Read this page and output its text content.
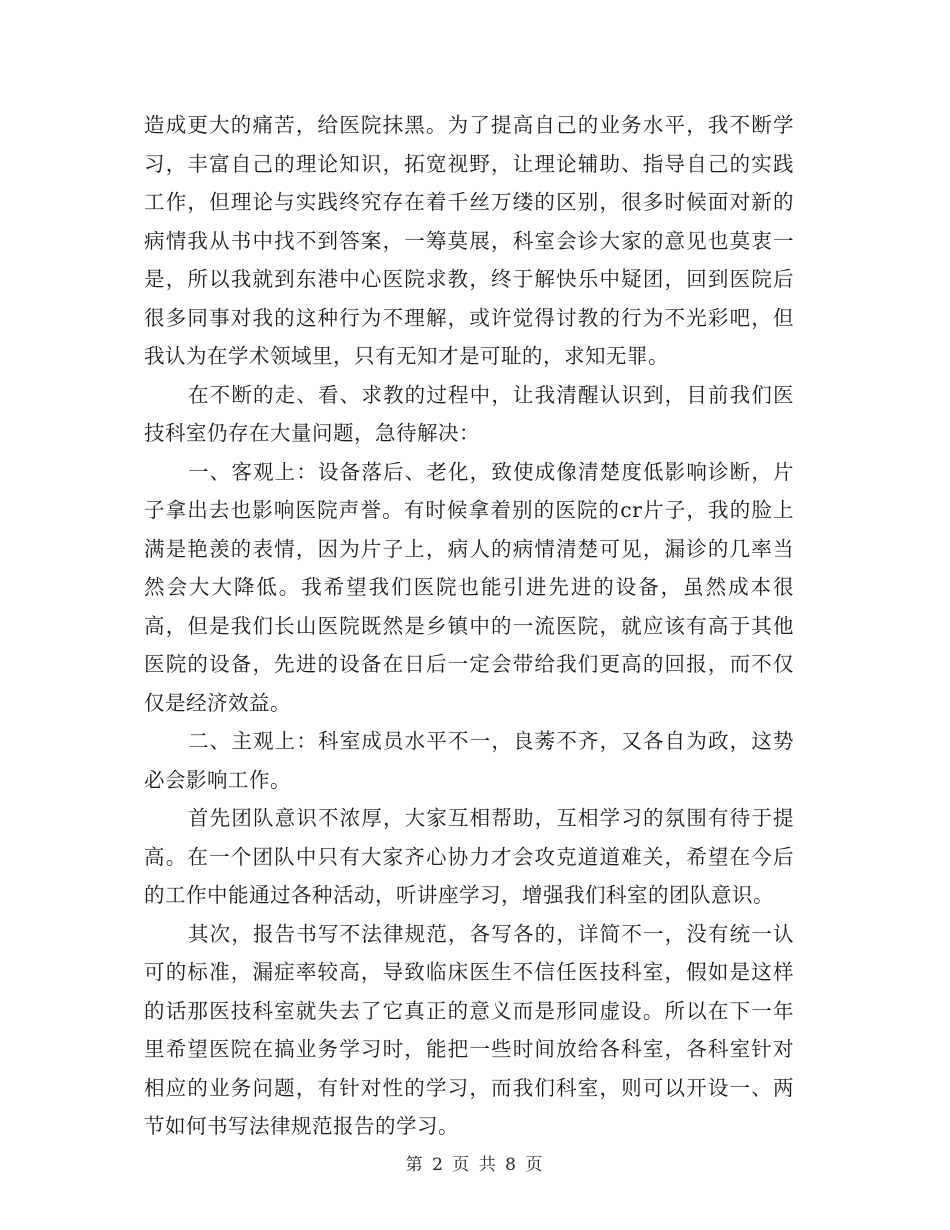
造成更大的痛苦，给医院抹黑。为了提高自己的业务水平，我不断学习，丰富自己的理论知识，拓宽视野，让理论辅助、指导自己的实践工作，但理论与实践终究存在着千丝万缕的区别，很多时候面对新的病情我从书中找不到答案，一筹莫展，科室会诊大家的意见也莫衷一是，所以我就到东港中心医院求教，终于解快乐中疑团，回到医院后很多同事对我的这种行为不理解，或许觉得讨教的行为不光彩吧，但我认为在学术领域里，只有无知才是可耻的，求知无罪。

在不断的走、看、求教的过程中，让我清醒认识到，目前我们医技科室仍存在大量问题，急待解决：

一、客观上：设备落后、老化，致使成像清楚度低影响诊断，片子拿出去也影响医院声誉。有时候拿着别的医院的cr片子，我的脸上满是艳羡的表情，因为片子上，病人的病情清楚可见，漏诊的几率当然会大大降低。我希望我们医院也能引进先进的设备，虽然成本很高，但是我们长山医院既然是乡镇中的一流医院，就应该有高于其他医院的设备，先进的设备在日后一定会带给我们更高的回报，而不仅仅是经济效益。

二、主观上：科室成员水平不一，良莠不齐，又各自为政，这势必会影响工作。

首先团队意识不浓厚，大家互相帮助，互相学习的氛围有待于提高。在一个团队中只有大家齐心协力才会攻克道道难关，希望在今后的工作中能通过各种活动，听讲座学习，增强我们科室的团队意识。

其次，报告书写不法律规范，各写各的，详简不一，没有统一认可的标准，漏症率较高，导致临床医生不信任医技科室，假如是这样的话那医技科室就失去了它真正的意义而是形同虚设。所以在下一年里希望医院在搞业务学习时，能把一些时间放给各科室，各科室针对相应的业务问题，有针对性的学习，而我们科室，则可以开设一、两节如何书写法律规范报告的学习。

第 2 页 共 8 页
